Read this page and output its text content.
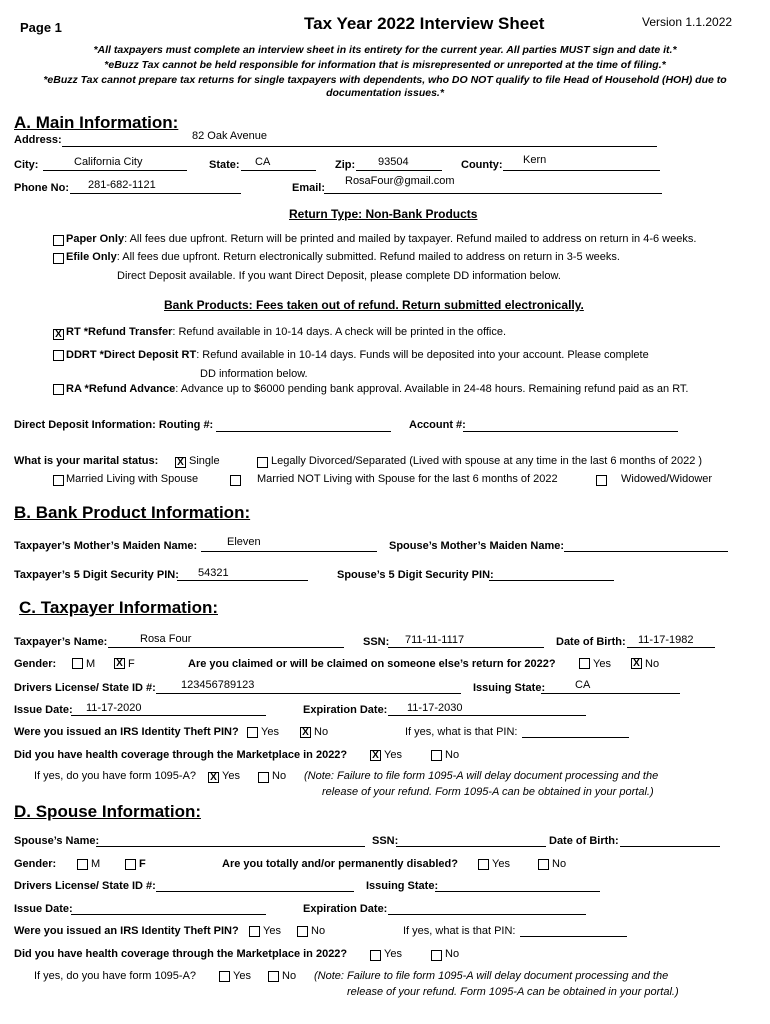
Page 1	Tax Year 2022 Interview Sheet	Version 1.1.2022
*All taxpayers must complete an interview sheet in its entirety for the current year. All parties MUST sign and date it.*
*eBuzz Tax cannot be held responsible for information that is misrepresented or unreported at the time of filing.*
*eBuzz Tax cannot prepare tax returns for single taxpayers with dependents, who DO NOT qualify to file Head of Household (HOH) due to
documentation issues.*
A. Main Information:
Address:	82 Oak Avenue
City:	California City	State: CA	Zip: 93504	County: Kern
Phone No: 281-682-1121	Email:
RosaFour@gmail.com
Return Type: Non-Bank Products
Paper Only: All fees due upfront. Return will be printed and mailed by taxpayer. Refund mailed to address on return in 4-6 weeks.
Efile Only: All fees due upfront. Return electronically submitted. Refund mailed to address on return in 3-5 weeks.
Direct Deposit available. If you want Direct Deposit, please complete DD information below.
Bank Products: Fees taken out of refund. Return submitted electronically.
X RT *Refund Transfer: Refund available in 10-14 days. A check will be printed in the office.
DDRT *Direct Deposit RT: Refund available in 10-14 days. Funds will be deposited into your account. Please complete
DD information below.
RA *Refund Advance: Advance up to $6000 pending bank approval. Available in 24-48 hours. Remaining refund paid as an RT.
Direct Deposit Information: Routing #:	Account #:
What is your marital status: X Single	Legally Divorced/Separated (Lived with spouse at any time in the last 6 months of 2022 )
Married Living with Spouse	Married NOT Living with Spouse for the last 6 months of 2022	Widowed/Widower
B. Bank Product Information:
Taxpayer’s Mother’s Maiden Name:	Eleven	Spouse’s Mother’s Maiden Name:
Taxpayer’s 5 Digit Security PIN: 54321	Spouse’s 5 Digit Security PIN:
C. Taxpayer Information:
Taxpayer’s Name:	Rosa Four	SSN: 711-11-1117	Date of Birth: 11-17-1982
Gender:	M X F	Are you claimed or will be claimed on someone else’s return for 2022?	Yes X No
Drivers License/ State ID #: 123456789123	Issuing State:	CA
Issue Date: 11-17-2020	Expiration Date: 11-17-2030
Were you issued an IRS Identity Theft PIN? Yes X No	If yes, what is that PIN:
Did you have health coverage through the Marketplace in 2022?	X Yes	No
If yes, do you have form 1095-A? X Yes	No (Note: Failure to file form 1095-A will delay document processing and the
release of your refund. Form 1095-A can be obtained in your portal.)
D. Spouse Information:
Spouse’s Name:	SSN:	Date of Birth:
Gender:	M	F	Are you totally and/or permanently disabled?	Yes	No
Drivers License/ State ID #:	Issuing State:
Issue Date:	Expiration Date:
Were you issued an IRS Identity Theft PIN? Yes	No	If yes, what is that PIN:
Did you have health coverage through the Marketplace in 2022?	Yes	No
If yes, do you have form 1095-A?	Yes	No (Note: Failure to file form 1095-A will delay document processing and the
release of your refund. Form 1095-A can be obtained in your portal.)
